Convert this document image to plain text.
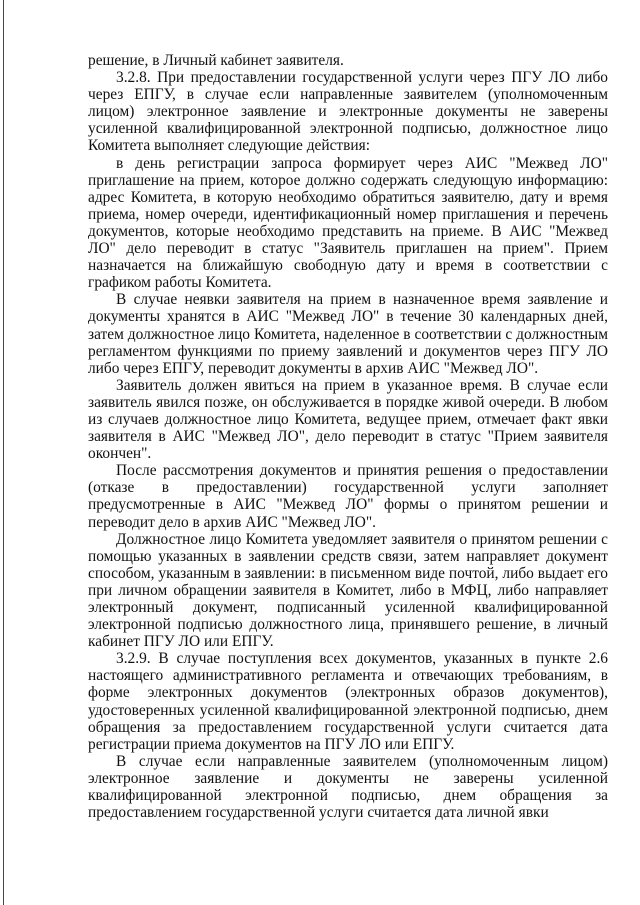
решение, в Личный кабинет заявителя.

3.2.8. При предоставлении государственной услуги через ПГУ ЛО либо через ЕПГУ, в случае если направленные заявителем (уполномоченным лицом) электронное заявление и электронные документы не заверены усиленной квалифицированной электронной подписью, должностное лицо Комитета выполняет следующие действия:

в день регистрации запроса формирует через АИС "Межвед ЛО" приглашение на прием, которое должно содержать следующую информацию: адрес Комитета, в которую необходимо обратиться заявителю, дату и время приема, номер очереди, идентификационный номер приглашения и перечень документов, которые необходимо представить на приеме. В АИС "Межвед ЛО" дело переводит в статус "Заявитель приглашен на прием". Прием назначается на ближайшую свободную дату и время в соответствии с графиком работы Комитета.

В случае неявки заявителя на прием в назначенное время заявление и документы хранятся в АИС "Межвед ЛО" в течение 30 календарных дней, затем должностное лицо Комитета, наделенное в соответствии с должностным регламентом функциями по приему заявлений и документов через ПГУ ЛО либо через ЕПГУ, переводит документы в архив АИС "Межвед ЛО".

Заявитель должен явиться на прием в указанное время. В случае если заявитель явился позже, он обслуживается в порядке живой очереди. В любом из случаев должностное лицо Комитета, ведущее прием, отмечает факт явки заявителя в АИС "Межвед ЛО", дело переводит в статус "Прием заявителя окончен".

После рассмотрения документов и принятия решения о предоставлении (отказе в предоставлении) государственной услуги заполняет предусмотренные в АИС "Межвед ЛО" формы о принятом решении и переводит дело в архив АИС "Межвед ЛО".

Должностное лицо Комитета уведомляет заявителя о принятом решении с помощью указанных в заявлении средств связи, затем направляет документ способом, указанным в заявлении: в письменном виде почтой, либо выдает его при личном обращении заявителя в Комитет, либо в МФЦ, либо направляет электронный документ, подписанный усиленной квалифицированной электронной подписью должностного лица, принявшего решение, в личный кабинет ПГУ ЛО или ЕПГУ.

3.2.9. В случае поступления всех документов, указанных в пункте 2.6 настоящего административного регламента и отвечающих требованиям, в форме электронных документов (электронных образов документов), удостоверенных усиленной квалифицированной электронной подписью, днем обращения за предоставлением государственной услуги считается дата регистрации приема документов на ПГУ ЛО или ЕПГУ.

В случае если направленные заявителем (уполномоченным лицом) электронное заявление и документы не заверены усиленной квалифицированной электронной подписью, днем обращения за предоставлением государственной услуги считается дата личной явки
